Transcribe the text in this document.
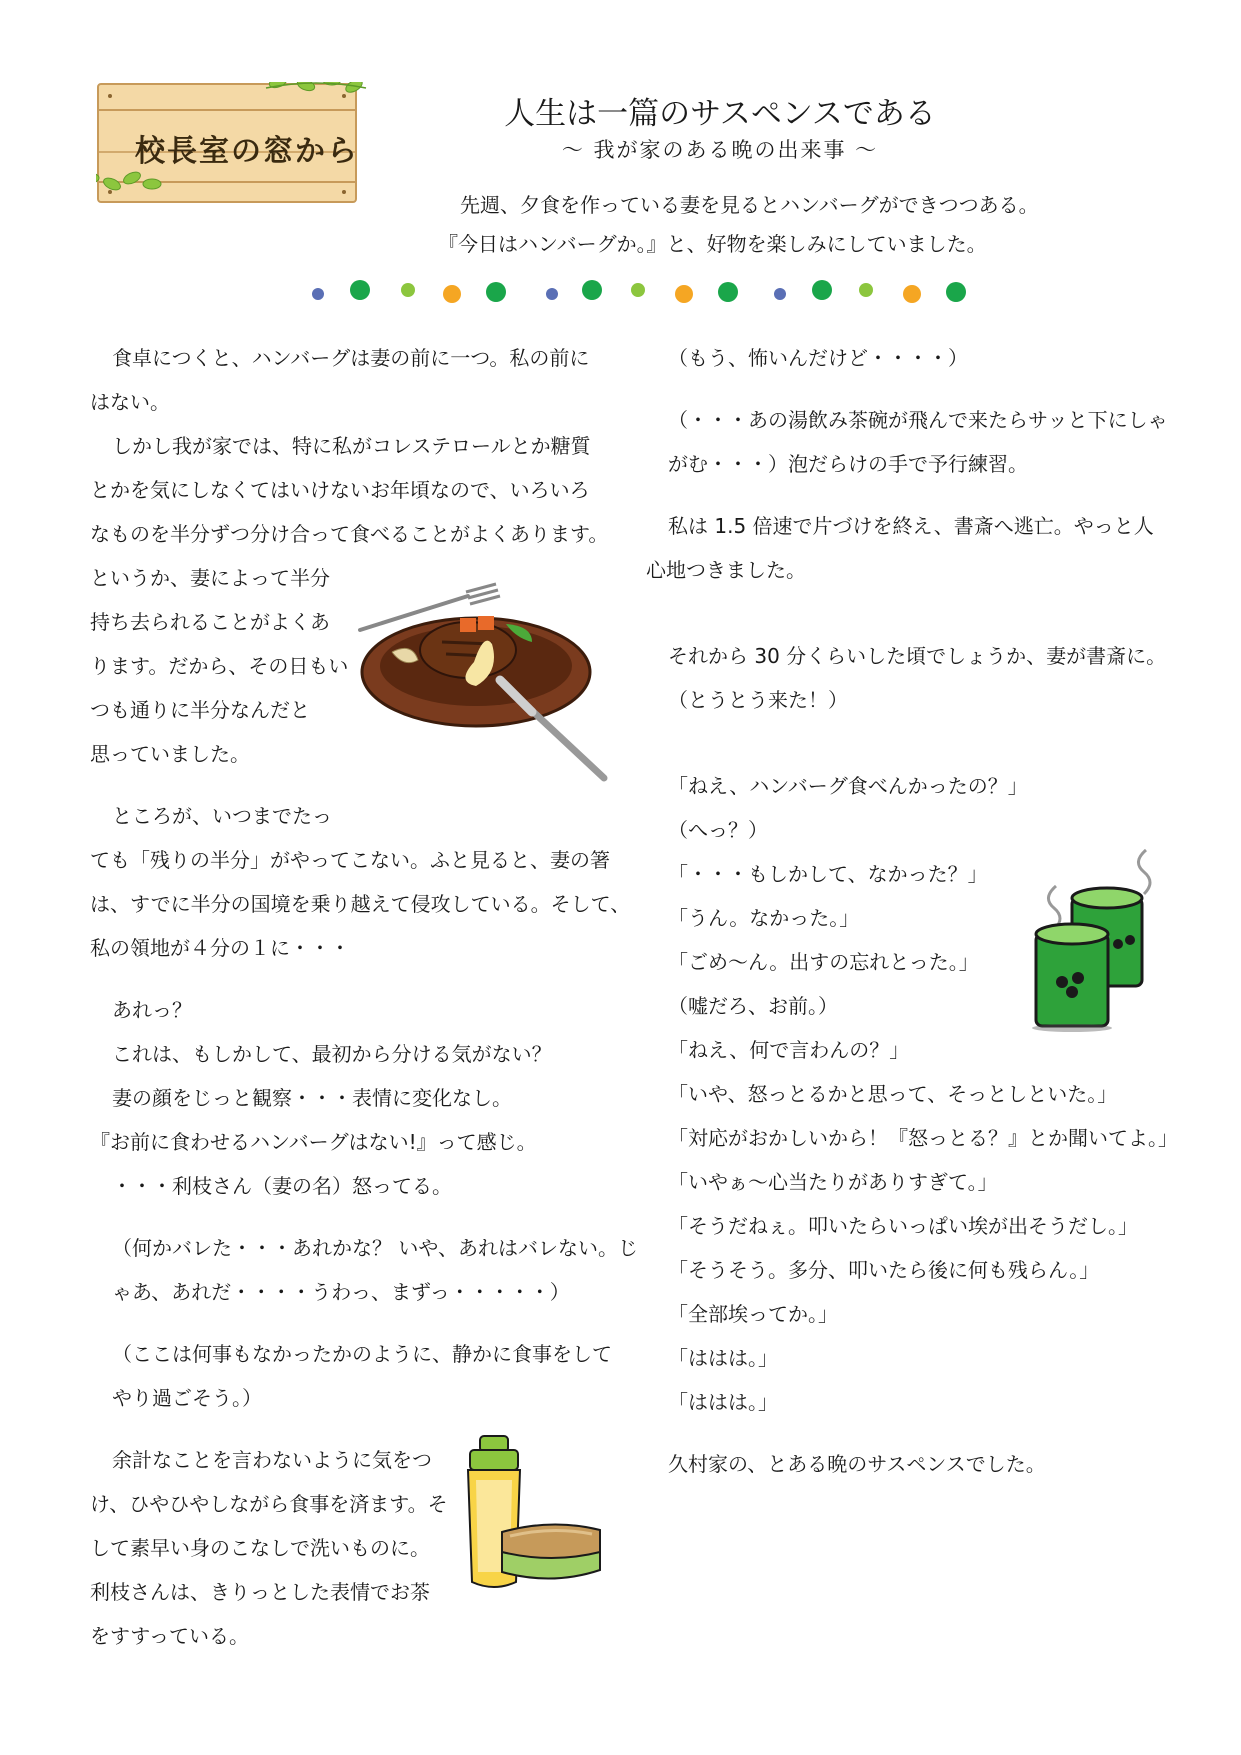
校長室の窓から
人生は一篇のサスペンスである
～ 我が家のある晩の出来事 ～
先週、夕食を作っている妻を見るとハンバーグができつつある。
『今日はハンバーグか。』と、好物を楽しみにしていました。

食卓につくと、ハンバーグは妻の前に一つ。私の前に

はない。

しかし我が家では、特に私がコレステロールとか糖質

とかを気にしなくてはいけないお年頃なので、いろいろ

なものを半分ずつ分け合って食べることがよくあります。

というか、妻によって半分

持ち去られることがよくあ

ります。だから、その日もい

つも通りに半分なんだと

思っていました。

ところが、いつまでたっ

ても「残りの半分」がやってこない。ふと見ると、妻の箸

は、すでに半分の国境を乗り越えて侵攻している。そして、

私の領地が４分の１に・・・

あれっ？

これは、もしかして、最初から分ける気がない？

妻の顔をじっと観察・・・表情に変化なし。

『お前に食わせるハンバーグはない!』って感じ。

・・・利枝さん（妻の名）怒ってる。

（何かバレた・・・あれかな？ いや、あれはバレない。じ

ゃあ、あれだ・・・・うわっ、まずっ・・・・・）

（ここは何事もなかったかのように、静かに食事をして

やり過ごそう。）

余計なことを言わないように気をつ

け、ひやひやしながら食事を済ます。そ

して素早い身のこなしで洗いものに。

利枝さんは、きりっとした表情でお茶

をすすっている。

（もう、怖いんだけど・・・・）

（・・・あの湯飲み茶碗が飛んで来たらサッと下にしゃ

がむ・・・）泡だらけの手で予行練習。

私は 1.5 倍速で片づけを終え、書斎へ逃亡。やっと人

心地つきました。

それから 30 分くらいした頃でしょうか、妻が書斎に。

（とうとう来た！）

「ねえ、ハンバーグ食べんかったの？」

（へっ？）

「・・・もしかして、なかった？」

「うん。なかった。」

「ごめ～ん。出すの忘れとった。」

（嘘だろ、お前。）

「ねえ、何で言わんの？」

「いや、怒っとるかと思って、そっとしといた。」

「対応がおかしいから！『怒っとる？』とか聞いてよ。」

「いやぁ～心当たりがありすぎて。」

「そうだねぇ。叩いたらいっぱい埃が出そうだし。」

「そうそう。多分、叩いたら後に何も残らん。」

「全部埃ってか。」

「ははは。」

「ははは。」

久村家の、とある晩のサスペンスでした。
